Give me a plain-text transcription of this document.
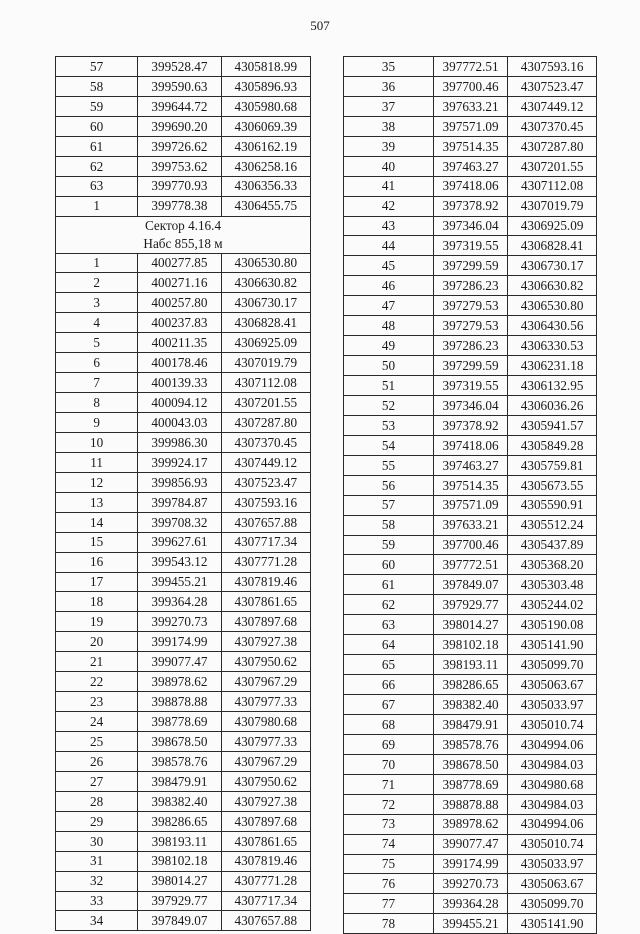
507
57	399528.47	4305818.99
58	399590.63	4305896.93
59	399644.72	4305980.68
60	399690.20	4306069.39
61	399726.62	4306162.19
62	399753.62	4306258.16
63	399770.93	4306356.33
1	399778.38	4306455.75

Сектор 4.16.4
Набс 855,18 м		

1	400277.85	4306530.80
2	400271.16	4306630.82
3	400257.80	4306730.17
4	400237.83	4306828.41
5	400211.35	4306925.09
6	400178.46	4307019.79
7	400139.33	4307112.08
8	400094.12	4307201.55
9	400043.03	4307287.80
10	399986.30	4307370.45
11	399924.17	4307449.12
12	399856.93	4307523.47
13	399784.87	4307593.16
14	399708.32	4307657.88
15	399627.61	4307717.34
16	399543.12	4307771.28
17	399455.21	4307819.46
18	399364.28	4307861.65
19	399270.73	4307897.68
20	399174.99	4307927.38
21	399077.47	4307950.62
22	398978.62	4307967.29
23	398878.88	4307977.33
24	398778.69	4307980.68
25	398678.50	4307977.33
26	398578.76	4307967.29
27	398479.91	4307950.62
28	398382.40	4307927.38
29	398286.65	4307897.68
30	398193.11	4307861.65
31	398102.18	4307819.46
32	398014.27	4307771.28
33	397929.77	4307717.34
34	397849.07	4307657.88
35	397772.51	4307593.16
36	397700.46	4307523.47
37	397633.21	4307449.12
38	397571.09	4307370.45
39	397514.35	4307287.80
40	397463.27	4307201.55
41	397418.06	4307112.08
42	397378.92	4307019.79
43	397346.04	4306925.09
44	397319.55	4306828.41
45	397299.59	4306730.17
46	397286.23	4306630.82
47	397279.53	4306530.80
48	397279.53	4306430.56
49	397286.23	4306330.53
50	397299.59	4306231.18
51	397319.55	4306132.95
52	397346.04	4306036.26
53	397378.92	4305941.57
54	397418.06	4305849.28
55	397463.27	4305759.81
56	397514.35	4305673.55
57	397571.09	4305590.91
58	397633.21	4305512.24
59	397700.46	4305437.89
60	397772.51	4305368.20
61	397849.07	4305303.48
62	397929.77	4305244.02
63	398014.27	4305190.08
64	398102.18	4305141.90
65	398193.11	4305099.70
66	398286.65	4305063.67
67	398382.40	4305033.97
68	398479.91	4305010.74
69	398578.76	4304994.06
70	398678.50	4304984.03
71	398778.69	4304980.68
72	398878.88	4304984.03
73	398978.62	4304994.06
74	399077.47	4305010.74
75	399174.99	4305033.97
76	399270.73	4305063.67
77	399364.28	4305099.70
78	399455.21	4305141.90
